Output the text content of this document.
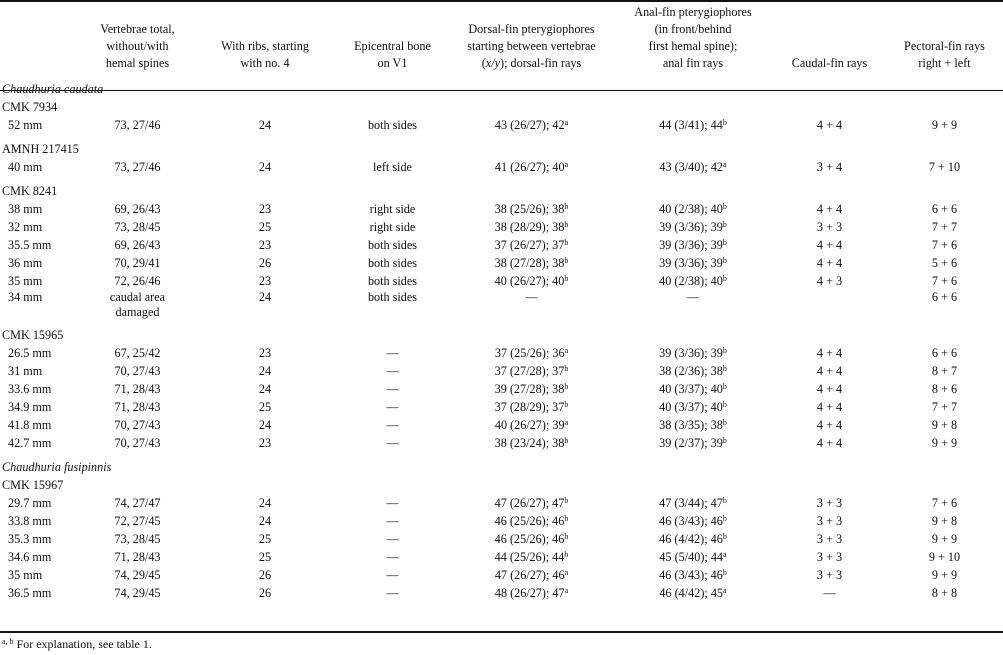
	Vertebrae total,
without/with
hemal spines	With ribs, starting
with no. 4	Epicentral bone
on V1	Dorsal-fin pterygiophores
starting between vertebrae
(x/y); dorsal-fin rays	Anal-fin pterygiophores
(in front/behind
first hemal spine);
anal fin rays	Caudal-fin rays	Pectoral-fin rays
right + left
Chaudhuria caudata							
CMK 7934							
52 mm	73, 27/46	24	both sides	43 (26/27); 42$^a$	44 (3/41); 44$^b$	4 + 4	9 + 9

AMNH 217415							
40 mm	73, 27/46	24	left side	41 (26/27); 40$^a$	43 (3/40); 42$^a$	3 + 4	7 + 10

CMK 8241							
38 mm	69, 26/43	23	right side	38 (25/26); 38$^b$	40 (2/38); 40$^b$	4 + 4	6 + 6
32 mm	73, 28/45	25	right side	38 (28/29); 38$^b$	39 (3/36); 39$^b$	3 + 3	7 + 7
35.5 mm	69, 26/43	23	both sides	37 (26/27); 37$^b$	39 (3/36); 39$^b$	4 + 4	7 + 6
36 mm	70, 29/41	26	both sides	38 (27/28); 38$^b$	39 (3/36); 39$^b$	4 + 4	5 + 6
35 mm	72, 26/46	23	both sides	40 (26/27); 40$^b$	40 (2/38); 40$^b$	4 + 3	7 + 6
34 mm	caudal area
damaged	24	both sides	—	—		6 + 6

CMK 15965							
26.5 mm	67, 25/42	23	—	37 (25/26); 36$^a$	39 (3/36); 39$^b$	4 + 4	6 + 6
31 mm	70, 27/43	24	—	37 (27/28); 37$^b$	38 (2/36); 38$^b$	4 + 4	8 + 7
33.6 mm	71, 28/43	24	—	39 (27/28); 38$^b$	40 (3/37); 40$^b$	4 + 4	8 + 6
34.9 mm	71, 28/43	25	—	37 (28/29); 37$^b$	40 (3/37); 40$^b$	4 + 4	7 + 7
41.8 mm	70, 27/43	24	—	40 (26/27); 39$^a$	38 (3/35); 38$^b$	4 + 4	9 + 8
42.7 mm	70, 27/43	23	—	38 (23/24); 38$^b$	39 (2/37); 39$^b$	4 + 4	9 + 9

Chaudhuria fusipinnis							
CMK 15967							
29.7 mm	74, 27/47	24	—	47 (26/27); 47$^b$	47 (3/44); 47$^b$	3 + 3	7 + 6
33.8 mm	72, 27/45	24	—	46 (25/26); 46$^b$	46 (3/43); 46$^b$	3 + 3	9 + 8
35.3 mm	73, 28/45	25	—	46 (25/26); 46$^b$	46 (4/42); 46$^b$	3 + 3	9 + 9
34.6 mm	71, 28/43	25	—	44 (25/26); 44$^b$	45 (5/40); 44$^a$	3 + 3	9 + 10
35 mm	74, 29/45	26	—	47 (26/27); 46$^a$	46 (3/43); 46$^b$	3 + 3	9 + 9
36.5 mm	74, 29/45	26	—	48 (26/27); 47$^a$	46 (4/42); 45$^a$	—	8 + 8
$^{a, b}$ For explanation, see table 1.
